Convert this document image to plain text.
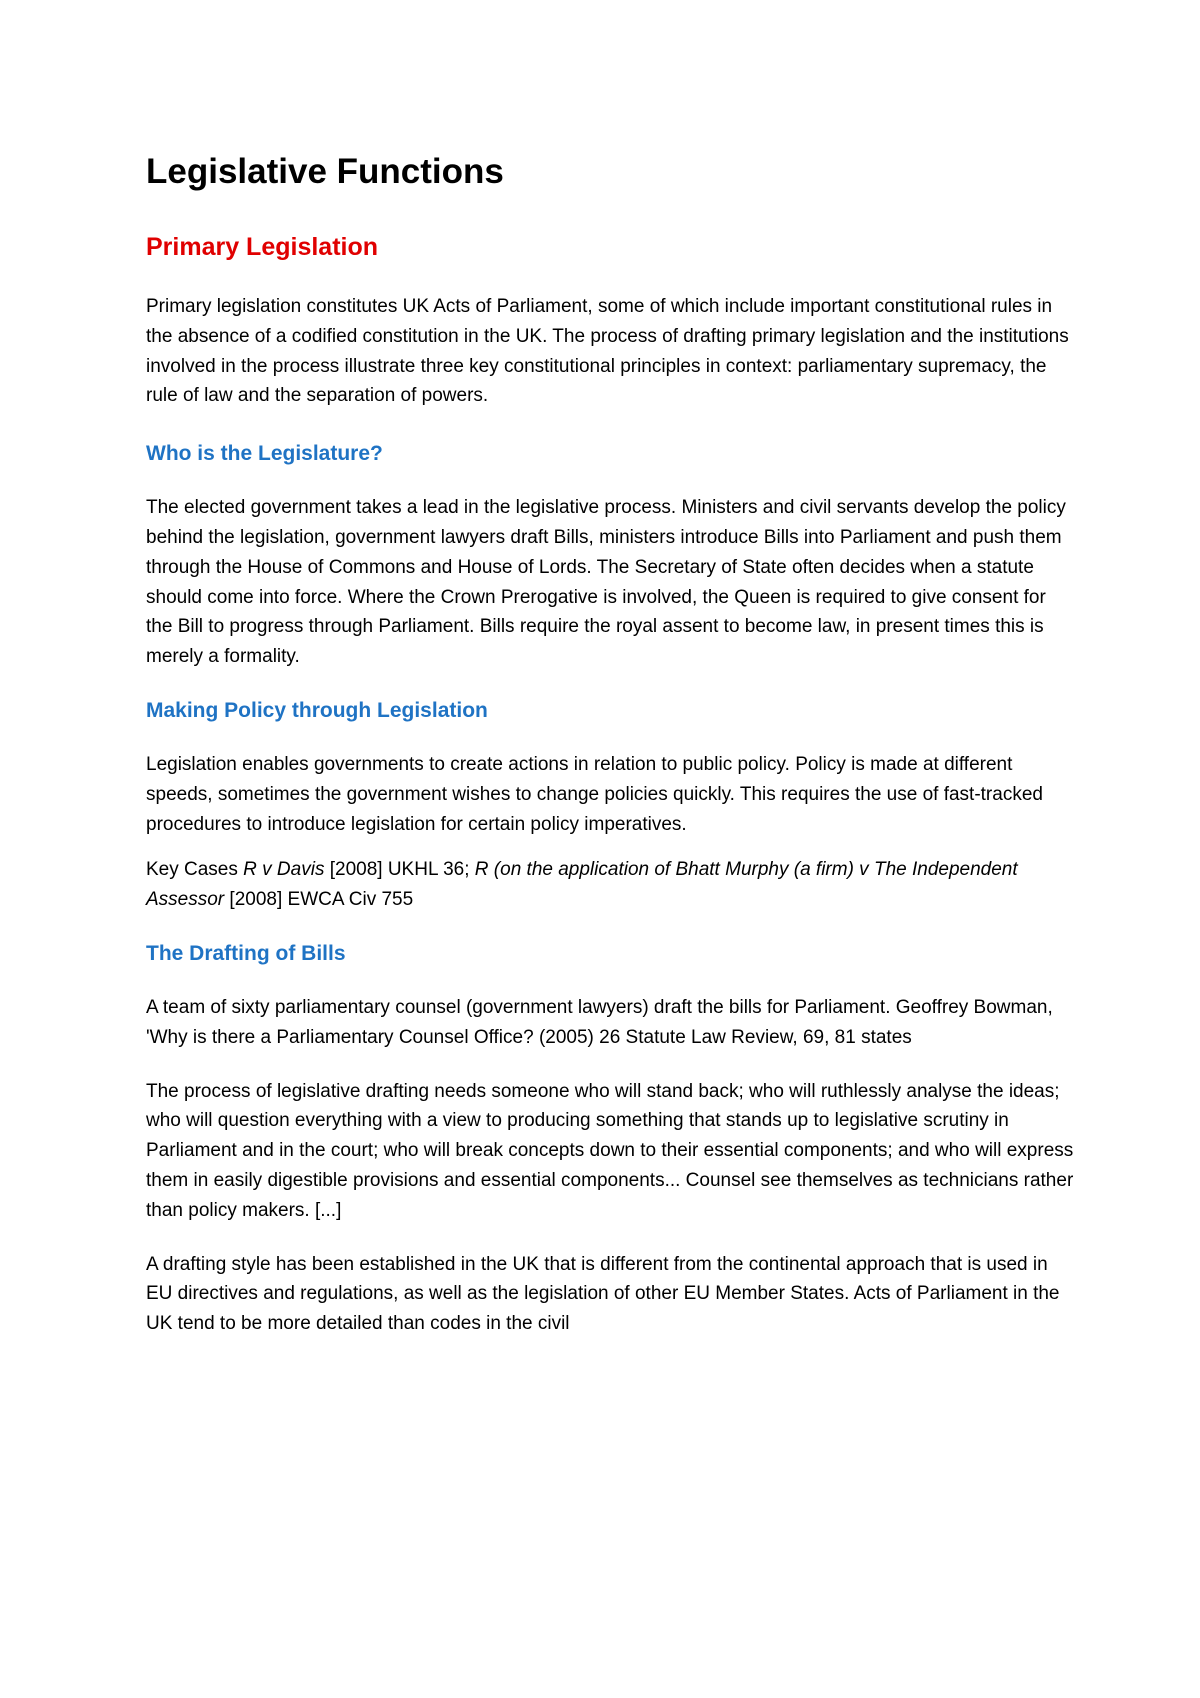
Legislative Functions
Primary Legislation

Primary legislation constitutes UK Acts of Parliament, some of which include important constitutional rules in the absence of a codified constitution in the UK. The process of drafting primary legislation and the institutions involved in the process illustrate three key constitutional principles in context: parliamentary supremacy, the rule of law and the separation of powers.

Who is the Legislature?

The elected government takes a lead in the legislative process. Ministers and civil servants develop the policy behind the legislation, government lawyers draft Bills, ministers introduce Bills into Parliament and push them through the House of Commons and House of Lords. The Secretary of State often decides when a statute should come into force. Where the Crown Prerogative is involved, the Queen is required to give consent for the Bill to progress through Parliament. Bills require the royal assent to become law, in present times this is merely a formality.

Making Policy through Legislation

Legislation enables governments to create actions in relation to public policy. Policy is made at different speeds, sometimes the government wishes to change policies quickly. This requires the use of fast-tracked procedures to introduce legislation for certain policy imperatives.

Key Cases R v Davis [2008] UKHL 36; R (on the application of Bhatt Murphy (a firm) v The Independent Assessor [2008] EWCA Civ 755

The Drafting of Bills

A team of sixty parliamentary counsel (government lawyers) draft the bills for Parliament. Geoffrey Bowman, 'Why is there a Parliamentary Counsel Office? (2005) 26 Statute Law Review, 69, 81 states

The process of legislative drafting needs someone who will stand back; who will ruthlessly analyse the ideas; who will question everything with a view to producing something that stands up to legislative scrutiny in Parliament and in the court; who will break concepts down to their essential components; and who will express them in easily digestible provisions and essential components... Counsel see themselves as technicians rather than policy makers. [...]

A drafting style has been established in the UK that is different from the continental approach that is used in EU directives and regulations, as well as the legislation of other EU Member States. Acts of Parliament in the UK tend to be more detailed than codes in the civil
